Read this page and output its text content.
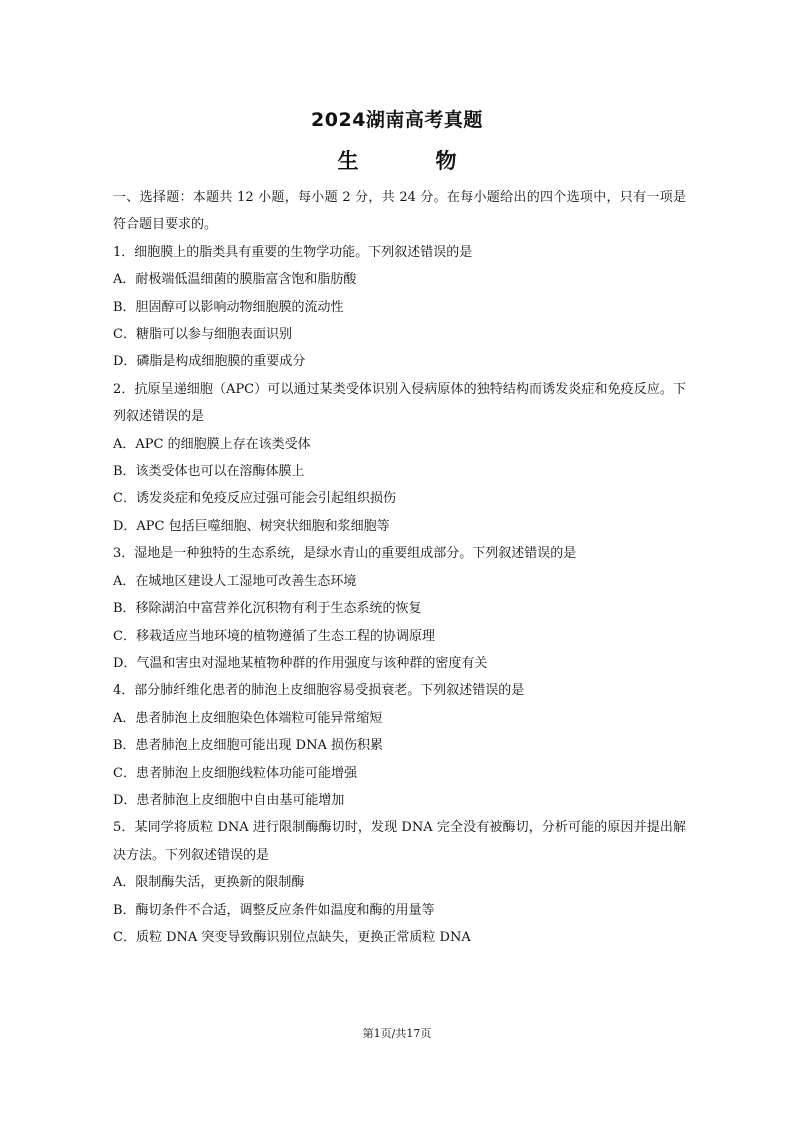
2024湖南高考真题
生　物

一、选择题：本题共 12 小题，每小题 2 分，共 24 分。在每小题给出的四个选项中，只有一项是符合题目要求的。

1．细胞膜上的脂类具有重要的生物学功能。下列叙述错误的是

A．耐极端低温细菌的膜脂富含饱和脂肪酸

B．胆固醇可以影响动物细胞膜的流动性

C．糖脂可以参与细胞表面识别

D．磷脂是构成细胞膜的重要成分

2．抗原呈递细胞（APC）可以通过某类受体识别入侵病原体的独特结构而诱发炎症和免疫反应。下列叙述错误的是

A．APC 的细胞膜上存在该类受体

B．该类受体也可以在溶酶体膜上

C．诱发炎症和免疫反应过强可能会引起组织损伤

D．APC 包括巨噬细胞、树突状细胞和浆细胞等

3．湿地是一种独特的生态系统，是绿水青山的重要组成部分。下列叙述错误的是

A．在城地区建设人工湿地可改善生态环境

B．移除湖泊中富营养化沉积物有利于生态系统的恢复

C．移栽适应当地环境的植物遵循了生态工程的协调原理

D．气温和害虫对湿地某植物种群的作用强度与该种群的密度有关

4．部分肺纤维化患者的肺泡上皮细胞容易受损衰老。下列叙述错误的是

A．患者肺泡上皮细胞染色体端粒可能异常缩短

B．患者肺泡上皮细胞可能出现 DNA 损伤积累

C．患者肺泡上皮细胞线粒体功能可能增强

D．患者肺泡上皮细胞中自由基可能增加

5．某同学将质粒 DNA 进行限制酶酶切时，发现 DNA 完全没有被酶切，分析可能的原因并提出解决方法。下列叙述错误的是

A．限制酶失活，更换新的限制酶

B．酶切条件不合适，调整反应条件如温度和酶的用量等

C．质粒 DNA 突变导致酶识别位点缺失，更换正常质粒 DNA

第1页/共17页
